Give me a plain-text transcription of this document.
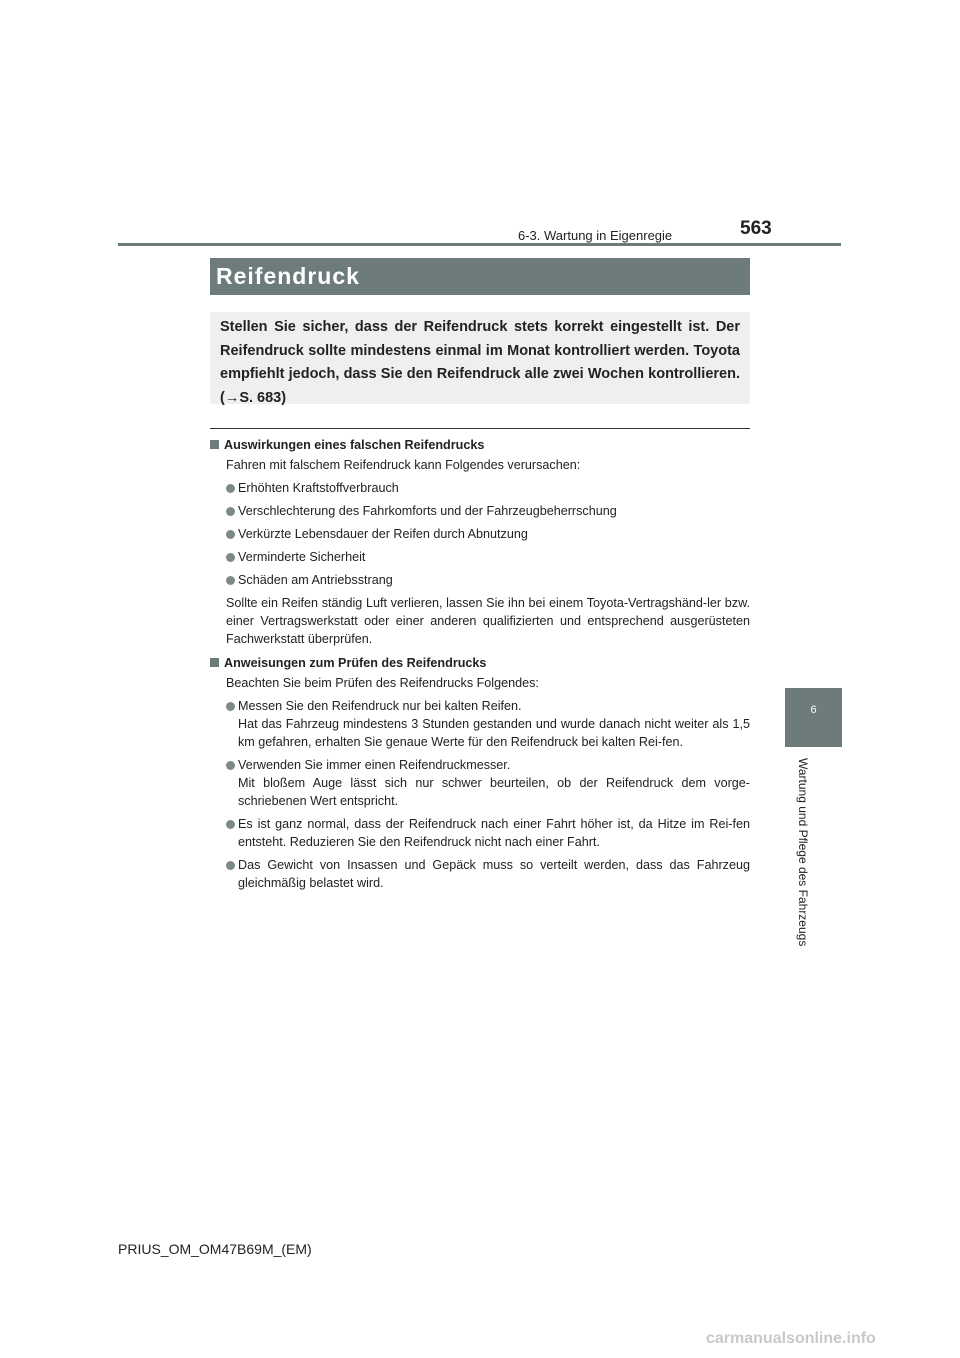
6-3. Wartung in Eigenregie	563
6
Wartung und Pflege des Fahrzeugs
Reifendruck

Stellen Sie sicher, dass der Reifendruck stets korrekt eingestellt ist. Der Reifendruck sollte mindestens einmal im Monat kontrolliert werden. Toyota empfiehlt jedoch, dass Sie den Reifendruck alle zwei Wochen kontrollieren. (→S. 683)

Auswirkungen eines falschen Reifendrucks

Fahren mit falschem Reifendruck kann Folgendes verursachen:

Erhöhten Kraftstoffverbrauch
Verschlechterung des Fahrkomforts und der Fahrzeugbeherrschung
Verkürzte Lebensdauer der Reifen durch Abnutzung
Verminderte Sicherheit
Schäden am Antriebsstrang

Sollte ein Reifen ständig Luft verlieren, lassen Sie ihn bei einem Toyota-Vertragshänd-ler bzw. einer Vertragswerkstatt oder einer anderen qualifizierten und entsprechend ausgerüsteten Fachwerkstatt überprüfen.

Anweisungen zum Prüfen des Reifendrucks

Beachten Sie beim Prüfen des Reifendrucks Folgendes:

Messen Sie den Reifendruck nur bei kalten Reifen.
Hat das Fahrzeug mindestens 3 Stunden gestanden und wurde danach nicht weiter als 1,5 km gefahren, erhalten Sie genaue Werte für den Reifendruck bei kalten Rei-fen.
Verwenden Sie immer einen Reifendruckmesser.
Mit bloßem Auge lässt sich nur schwer beurteilen, ob der Reifendruck dem vorge-schriebenen Wert entspricht.
Es ist ganz normal, dass der Reifendruck nach einer Fahrt höher ist, da Hitze im Rei-fen entsteht. Reduzieren Sie den Reifendruck nicht nach einer Fahrt.
Das Gewicht von Insassen und Gepäck muss so verteilt werden, dass das Fahrzeug gleichmäßig belastet wird.
PRIUS_OM_OM47B69M_(EM)
carmanualsonline.info
